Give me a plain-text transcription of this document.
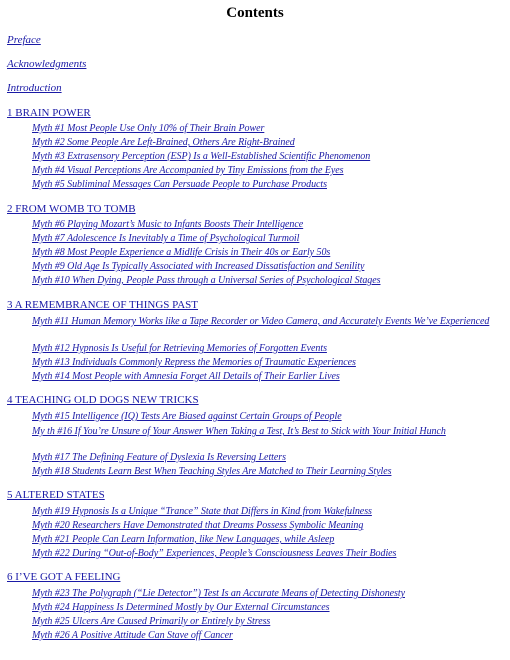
Contents
Preface
Acknowledgments
Introduction
1 BRAIN POWER
Myth #1 Most People Use Only 10% of Their Brain Power
Myth #2 Some People Are Left-Brained, Others Are Right-Brained
Myth #3 Extrasensory Perception (ESP) Is a Well-Established Scientific Phenomenon
Myth #4 Visual Perceptions Are Accompanied by Tiny Emissions from the Eyes
Myth #5 Subliminal Messages Can Persuade People to Purchase Products
2 FROM WOMB TO TOMB
Myth #6 Playing Mozart’s Music to Infants Boosts Their Intelligence
Myth #7 Adolescence Is Inevitably a Time of Psychological Turmoil
Myth #8 Most People Experience a Midlife Crisis in Their 40s or Early 50s
Myth #9 Old Age Is Typically Associated with Increased Dissatisfaction and Senility
Myth #10 When Dying, People Pass through a Universal Series of Psychological Stages
3 A REMEMBRANCE OF THINGS PAST
Myth #11 Human Memory Works like a Tape Recorder or Video Camera, and Accurately Events We’ve Experienced
Myth #12 Hypnosis Is Useful for Retrieving Memories of Forgotten Events
Myth #13 Individuals Commonly Repress the Memories of Traumatic Experiences
Myth #14 Most People with Amnesia Forget All Details of Their Earlier Lives
4 TEACHING OLD DOGS NEW TRICKS
Myth #15 Intelligence (IQ) Tests Are Biased against Certain Groups of People
My th #16 If You’re Unsure of Your Answer When Taking a Test, It’s Best to Stick with Your Initial Hunch
Myth #17 The Defining Feature of Dyslexia Is Reversing Letters
Myth #18 Students Learn Best When Teaching Styles Are Matched to Their Learning Styles
5 ALTERED STATES
Myth #19 Hypnosis Is a Unique “Trance” State that Differs in Kind from Wakefulness
Myth #20 Researchers Have Demonstrated that Dreams Possess Symbolic Meaning
Myth #21 People Can Learn Information, like New Languages, while Asleep
Myth #22 During “Out-of-Body” Experiences, People’s Consciousness Leaves Their Bodies
6 I’VE GOT A FEELING
Myth #23 The Polygraph (“Lie Detector”) Test Is an Accurate Means of Detecting Dishonesty
Myth #24 Happiness Is Determined Mostly by Our External Circumstances
Myth #25 Ulcers Are Caused Primarily or Entirely by Stress
Myth #26 A Positive Attitude Can Stave off Cancer
